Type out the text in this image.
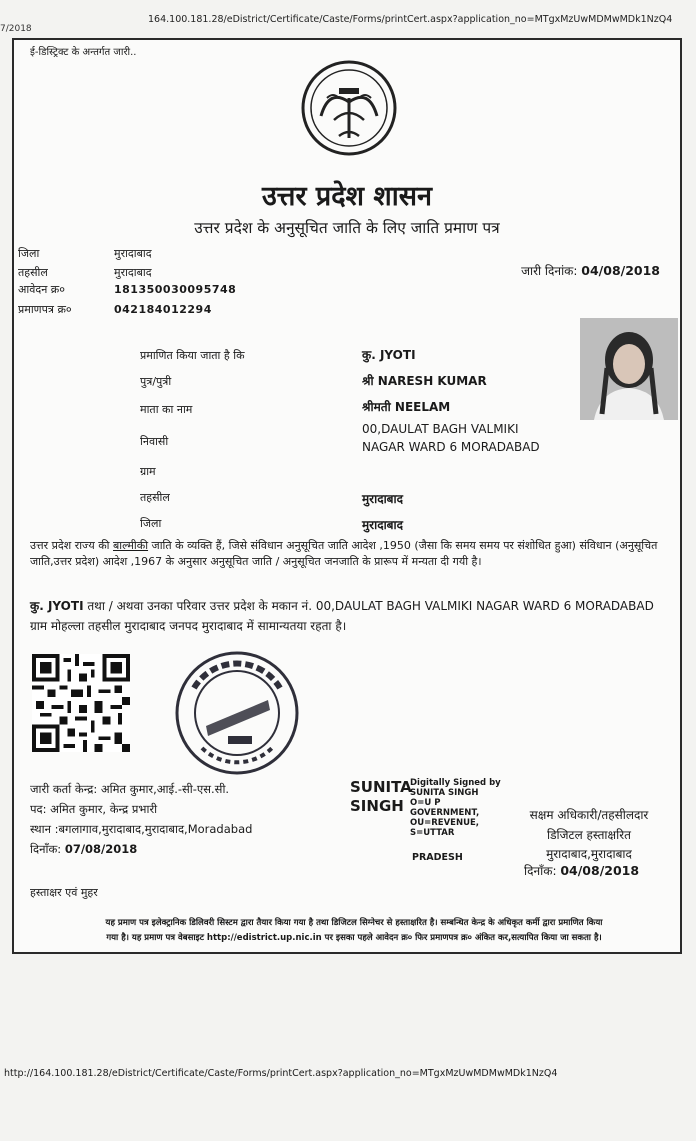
7/2018
164.100.181.28/eDistrict/Certificate/Caste/Forms/printCert.aspx?application_no=MTgxMzUwMDMwMDk1NzQ4
ई-डिस्ट्रिक्ट के अन्तर्गत जारी..
उत्तर प्रदेश शासन
उत्तर प्रदेश के अनुसूचित जाति के लिए जाति प्रमाण पत्र
जिला	मुरादाबाद
तहसील	मुरादाबाद
आवेदन क्र०	181350030095748
प्रमाणपत्र क्र०	042184012294
जारी दिनांक: 04/08/2018
प्रमाणित किया जाता है कि	कु. JYOTI
पुत्र/पुत्री	श्री NARESH KUMAR
माता का नाम	श्रीमती NEELAM
निवासी
00,DAULAT BAGH VALMIKI
NAGAR WARD 6 MORADABAD
ग्राम
तहसील	मुरादाबाद
जिला	मुरादाबाद
उत्तर प्रदेश राज्य की बाल्मीकी जाति के व्यक्ति हैं, जिसे संविधान अनुसूचित जाति आदेश ,1950 (जैसा कि समय समय पर संशोधित हुआ) संविधान (अनुसूचित जाति,उत्तर प्रदेश) आदेश ,1967 के अनुसार अनुसूचित जाति / अनुसूचित जनजाति के प्रारूप में मन्यता दी गयी है।
कु. JYOTI तथा / अथवा उनका परिवार उत्तर प्रदेश के मकान नं. 00,DAULAT BAGH VALMIKI NAGAR WARD 6 MORADABAD ग्राम मोहल्ला तहसील मुरादाबाद जनपद मुरादाबाद में सामान्यतया रहता है।
जारी कर्ता केन्द्र: अमित कुमार,आई.-सी-एस.सी.
पद: अमित कुमार, केन्द्र प्रभारी
स्थान :बगलागाव,मुरादाबाद,मुरादाबाद,Moradabad
दिनाँक: 07/08/2018
SUNITA
SINGH
Digitally Signed by
SUNITA SINGH
O=U P
GOVERNMENT,
OU=REVENUE,
S=UTTAR
PRADESH
सक्षम अधिकारी/तहसीलदार
डिजिटल हस्ताक्षरित
मुरादाबाद,मुरादाबाद
दिनाँक: 04/08/2018
हस्ताक्षर एवं मुहर
यह प्रमाण पत्र इलेक्ट्रानिक डिलिवरी सिस्टम द्वारा तैयार किया गया है तथा डिजिटल सिग्नेचर से हस्ताक्षरित है। सम्बन्धित केन्द्र के अधिकृत कर्मी द्वारा प्रमाणित किया
गया है। यह प्रमाण पत्र वेबसाइट http://edistrict.up.nic.in पर इसका पहले आवेदन क्र० फिर प्रमाणपत्र क्र० अंकित कर,सत्यापित किया जा सकता है।
http://164.100.181.28/eDistrict/Certificate/Caste/Forms/printCert.aspx?application_no=MTgxMzUwMDMwMDk1NzQ4
